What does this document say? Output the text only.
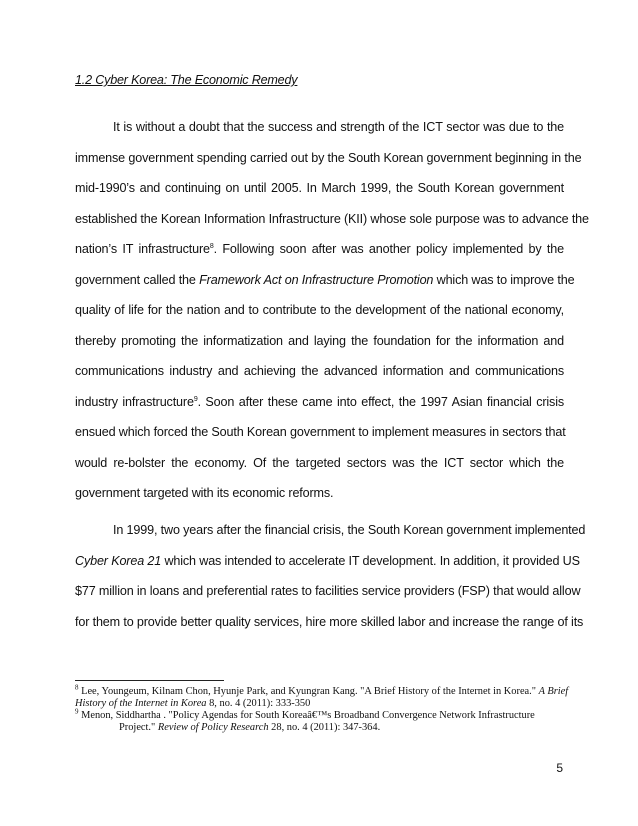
1.2 Cyber Korea: The Economic Remedy
It is without a doubt that the success and strength of the ICT sector was due to the
immense government spending carried out by the South Korean government beginning in the
mid-1990’s and continuing on until 2005. In March 1999, the South Korean government
established the Korean Information Infrastructure (KII) whose sole purpose was to advance the
nation’s IT infrastructure$^8$. Following soon after was another policy implemented by the
government called the Framework Act on Infrastructure Promotion which was to improve the
quality of life for the nation and to contribute to the development of the national economy,
thereby promoting the informatization and laying the foundation for the information and
communications industry and achieving the advanced information and communications
industry infrastructure$^9$. Soon after these came into effect, the 1997 Asian financial crisis
ensued which forced the South Korean government to implement measures in sectors that
would re-bolster the economy. Of the targeted sectors was the ICT sector which the
government targeted with its economic reforms.
In 1999, two years after the financial crisis, the South Korean government implemented
Cyber Korea 21 which was intended to accelerate IT development. In addition, it provided US
$77 million in loans and preferential rates to facilities service providers (FSP) that would allow
for them to provide better quality services, hire more skilled labor and increase the range of its

$^8$ Lee, Youngeum, Kilnam Chon, Hyunje Park, and Kyungran Kang. "A Brief History of the Internet in Korea." A Brief History of the Internet in Korea 8, no. 4 (2011): 333-350

$^9$ Menon, Siddhartha . "Policy Agendas for South Koreaâ€™s Broadband Convergence Network Infrastructure
Project." Review of Policy Research 28, no. 4 (2011): 347-364.

5
